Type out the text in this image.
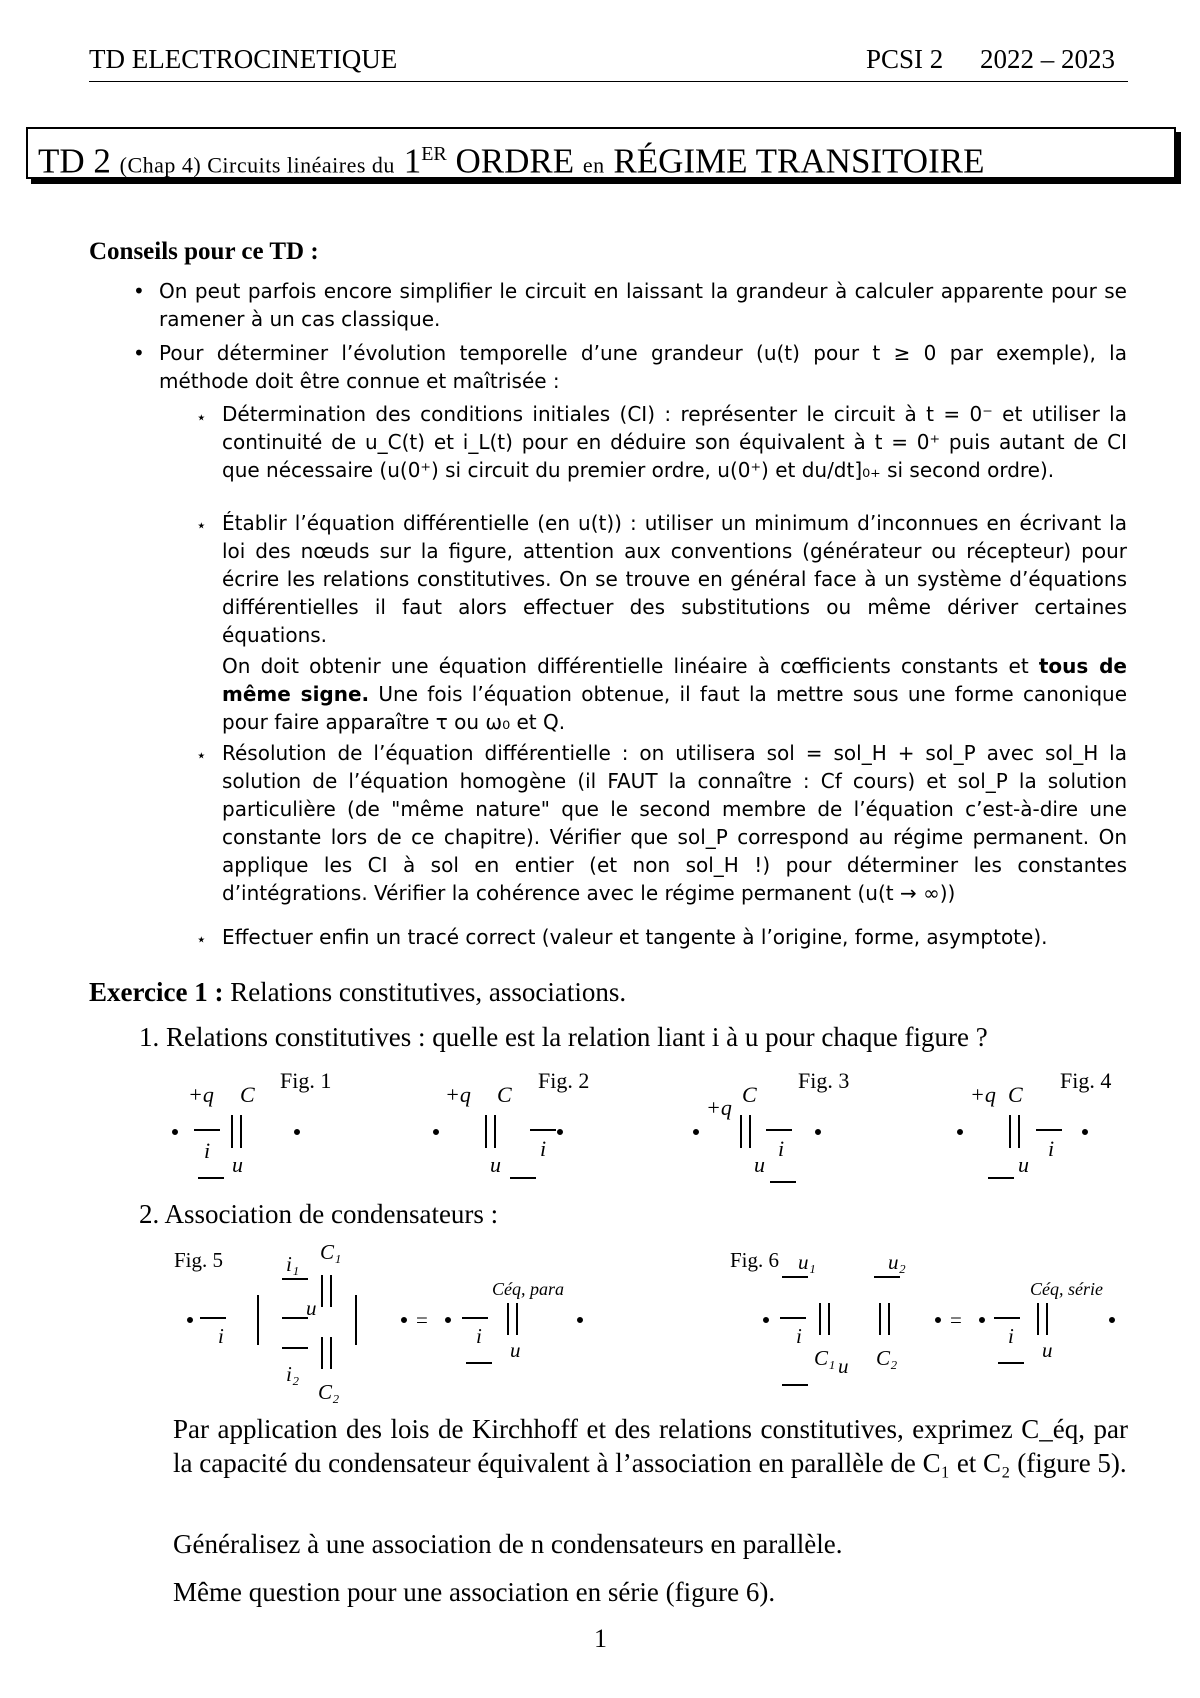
TD ELECTROCINETIQUE	PCSI 2 2022 – 2023
TD 2 (Chap 4) Circuits linéaires du 1ER ORDRE en RÉGIME TRANSITOIRE
Conseils pour ce TD :
• On peut parfois encore simplifier le circuit en laissant la grandeur à calculer apparente pour se ramener à un cas classique.
• Pour déterminer l’évolution temporelle d’une grandeur (u(t) pour t ≥ 0 par exemple), la méthode doit être connue et maîtrisée :
⋆ Détermination des conditions initiales (CI) : représenter le circuit à t = 0⁻ et utiliser la continuité de u_C(t) et i_L(t) pour en déduire son équivalent à t = 0⁺ puis autant de CI que nécessaire (u(0⁺) si circuit du premier ordre, u(0⁺) et du/dt]₀₊ si second ordre).
⋆ Établir l’équation différentielle (en u(t)) : utiliser un minimum d’inconnues en écrivant la loi des nœuds sur la figure, attention aux conventions (générateur ou récepteur) pour écrire les relations constitutives. On se trouve en général face à un système d’équations différentielles il faut alors effectuer des substitutions ou même dériver certaines équations.
On doit obtenir une équation différentielle linéaire à cœfficients constants et tous de même signe. Une fois l’équation obtenue, il faut la mettre sous une forme canonique pour faire apparaître τ ou ω₀ et Q.
⋆ Résolution de l’équation différentielle : on utilisera sol = sol_H + sol_P avec sol_H la solution de l’équation homogène (il FAUT la connaître : Cf cours) et sol_P la solution particulière (de "même nature" que le second membre de l’équation c’est-à-dire une constante lors de ce chapitre). Vérifier que sol_P correspond au régime permanent. On applique les CI à sol en entier (et non sol_H !) pour déterminer les constantes d’intégrations. Vérifier la cohérence avec le régime permanent (u(t → ∞))
⋆ Effectuer enfin un tracé correct (valeur et tangente à l’origine, forme, asymptote).
Exercice 1 : Relations constitutives, associations.
1. Relations constitutives : quelle est la relation liant i à u pour chaque figure ?
Fig. 1
+q C
i
u
Fig. 2
+q C
i
u
Fig. 3
+q
C
i
u
Fig. 4
+q C
i
u
2. Association de condensateurs :
Fig. 5
i
i₁ C₁
u
i₂
C₂
=
Céq, para
i
u
Fig. 6 u₁	u₂
i
C₁ u C₂
=
Céq, série
i
u
Par application des lois de Kirchhoff et des relations constitutives, exprimez C_éq, par la capacité du condensateur équivalent à l’association en parallèle de C₁ et C₂ (figure 5).
Généralisez à une association de n condensateurs en parallèle.
Même question pour une association en série (figure 6).
1
